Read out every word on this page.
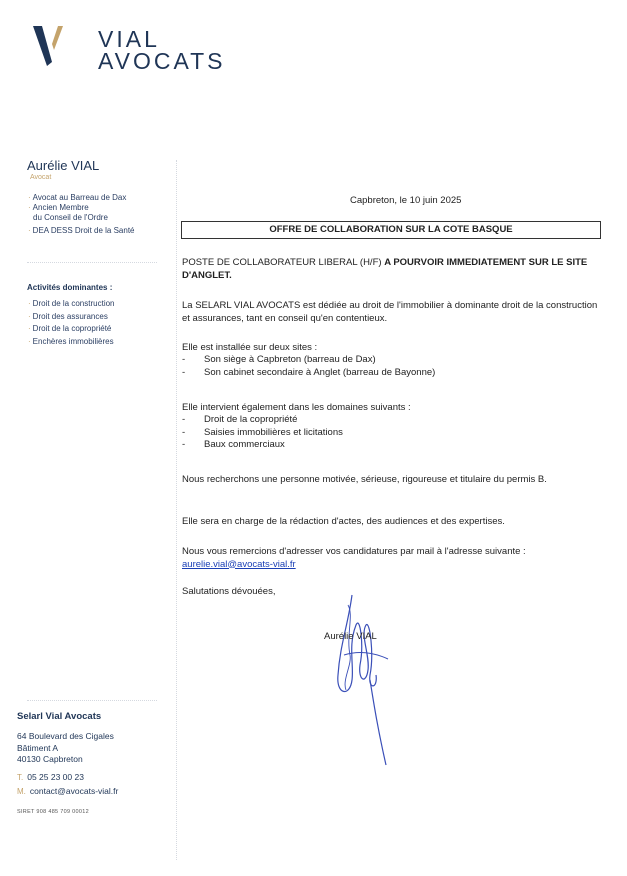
VIAL
AVOCATS
Aurélie VIAL
Avocat
· Avocat au Barreau de Dax
· Ancien Membre
du Conseil de l'Ordre
· DEA DESS Droit de la Santé
Activités dominantes :
· Droit de la construction
· Droit des assurances
· Droit de la copropriété
· Enchères immobilières
Selarl Vial Avocats
64 Boulevard des Cigales
Bâtiment A
40130 Capbreton
T. 05 25 23 00 23
M. contact@avocats-vial.fr
SIRET 908 485 709 00012
Capbreton, le 10 juin 2025
OFFRE DE COLLABORATION SUR LA COTE BASQUE

POSTE DE COLLABORATEUR LIBERAL (H/F) A POURVOIR IMMEDIATEMENT SUR LE SITE D'ANGLET.

La SELARL VIAL AVOCATS est dédiée au droit de l'immobilier à dominante droit de la construction et assurances, tant en conseil qu'en contentieux.

Elle est installée sur deux sites :

- Son siège à Capbreton (barreau de Dax)
- Son cabinet secondaire à Anglet (barreau de Bayonne)

Elle intervient également dans les domaines suivants :

- Droit de la copropriété
- Saisies immobilières et licitations
- Baux commerciaux

Nous recherchons une personne motivée, sérieuse, rigoureuse et titulaire du permis B.

Elle sera en charge de la rédaction d'actes, des audiences et des expertises.

Nous vous remercions d'adresser vos candidatures par mail à l'adresse suivante :
aurelie.vial@avocats-vial.fr

Salutations dévouées,

Aurélie VIAL
